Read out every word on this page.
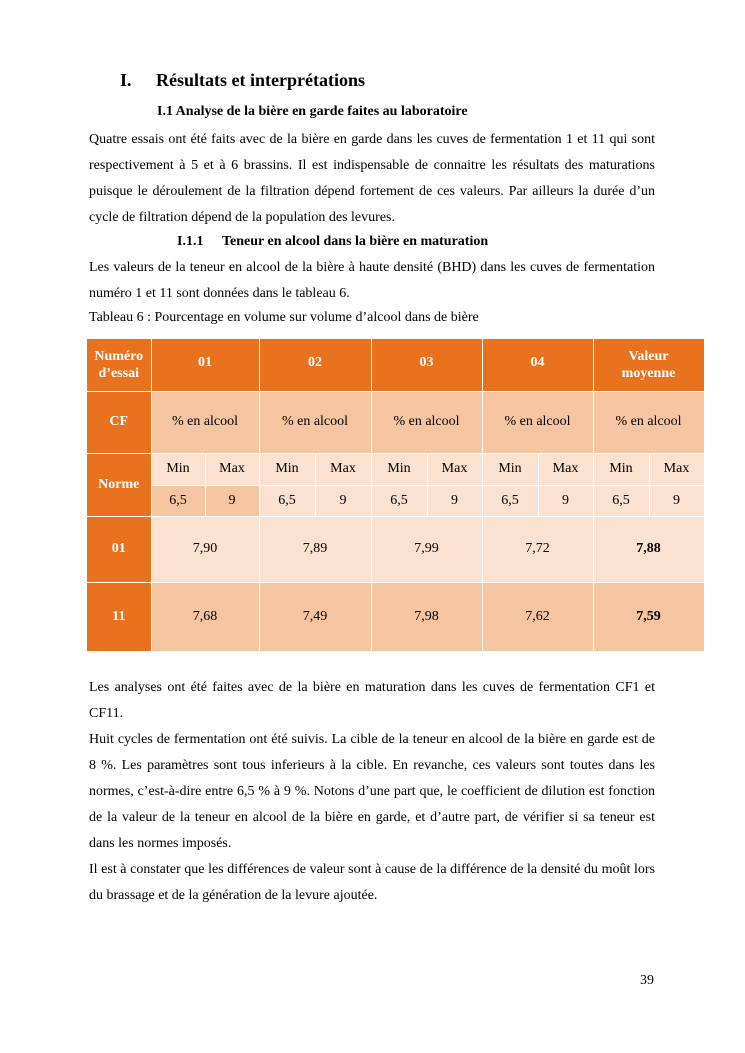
I. Résultats et interprétations
I.1 Analyse de la bière en garde faites au laboratoire
Quatre essais ont été faits avec de la bière en garde dans les cuves de fermentation 1 et 11 qui sont respectivement à 5 et à 6 brassins. Il est indispensable de connaitre les résultats des maturations puisque le déroulement de la filtration dépend fortement de ces valeurs. Par ailleurs la durée d’un cycle de filtration dépend de la population des levures.
I.1.1 Teneur en alcool dans la bière en maturation
Les valeurs de la teneur en alcool de la bière à haute densité (BHD) dans les cuves de fermentation numéro 1 et 11 sont données dans le tableau 6.
Tableau 6 : Pourcentage en volume sur volume d’alcool dans de bière
Numéro d’essai	01		02		03		04		Valeur moyenne	
CF	% en alcool		% en alcool		% en alcool		% en alcool		% en alcool	
Norme	Min	Max	Min	Max	Min	Max	Min	Max	Min	Max
	6,5	9	6,5	9	6,5	9	6,5	9	6,5	9
01	7,90		7,89		7,99		7,72		7,88	
11	7,68		7,49		7,98		7,62		7,59	
Les analyses ont été faites avec de la bière en maturation dans les cuves de fermentation CF1 et CF11.
Huit cycles de fermentation ont été suivis. La cible de la teneur en alcool de la bière en garde est de 8 %. Les paramètres sont tous inferieurs à la cible. En revanche, ces valeurs sont toutes dans les normes, c’est-à-dire entre 6,5 % à 9 %. Notons d’une part que, le coefficient de dilution est fonction de la valeur de la teneur en alcool de la bière en garde, et d’autre part, de vérifier si sa teneur est dans les normes imposés.
Il est à constater que les différences de valeur sont à cause de la différence de la densité du moût lors du brassage et de la génération de la levure ajoutée.
39
